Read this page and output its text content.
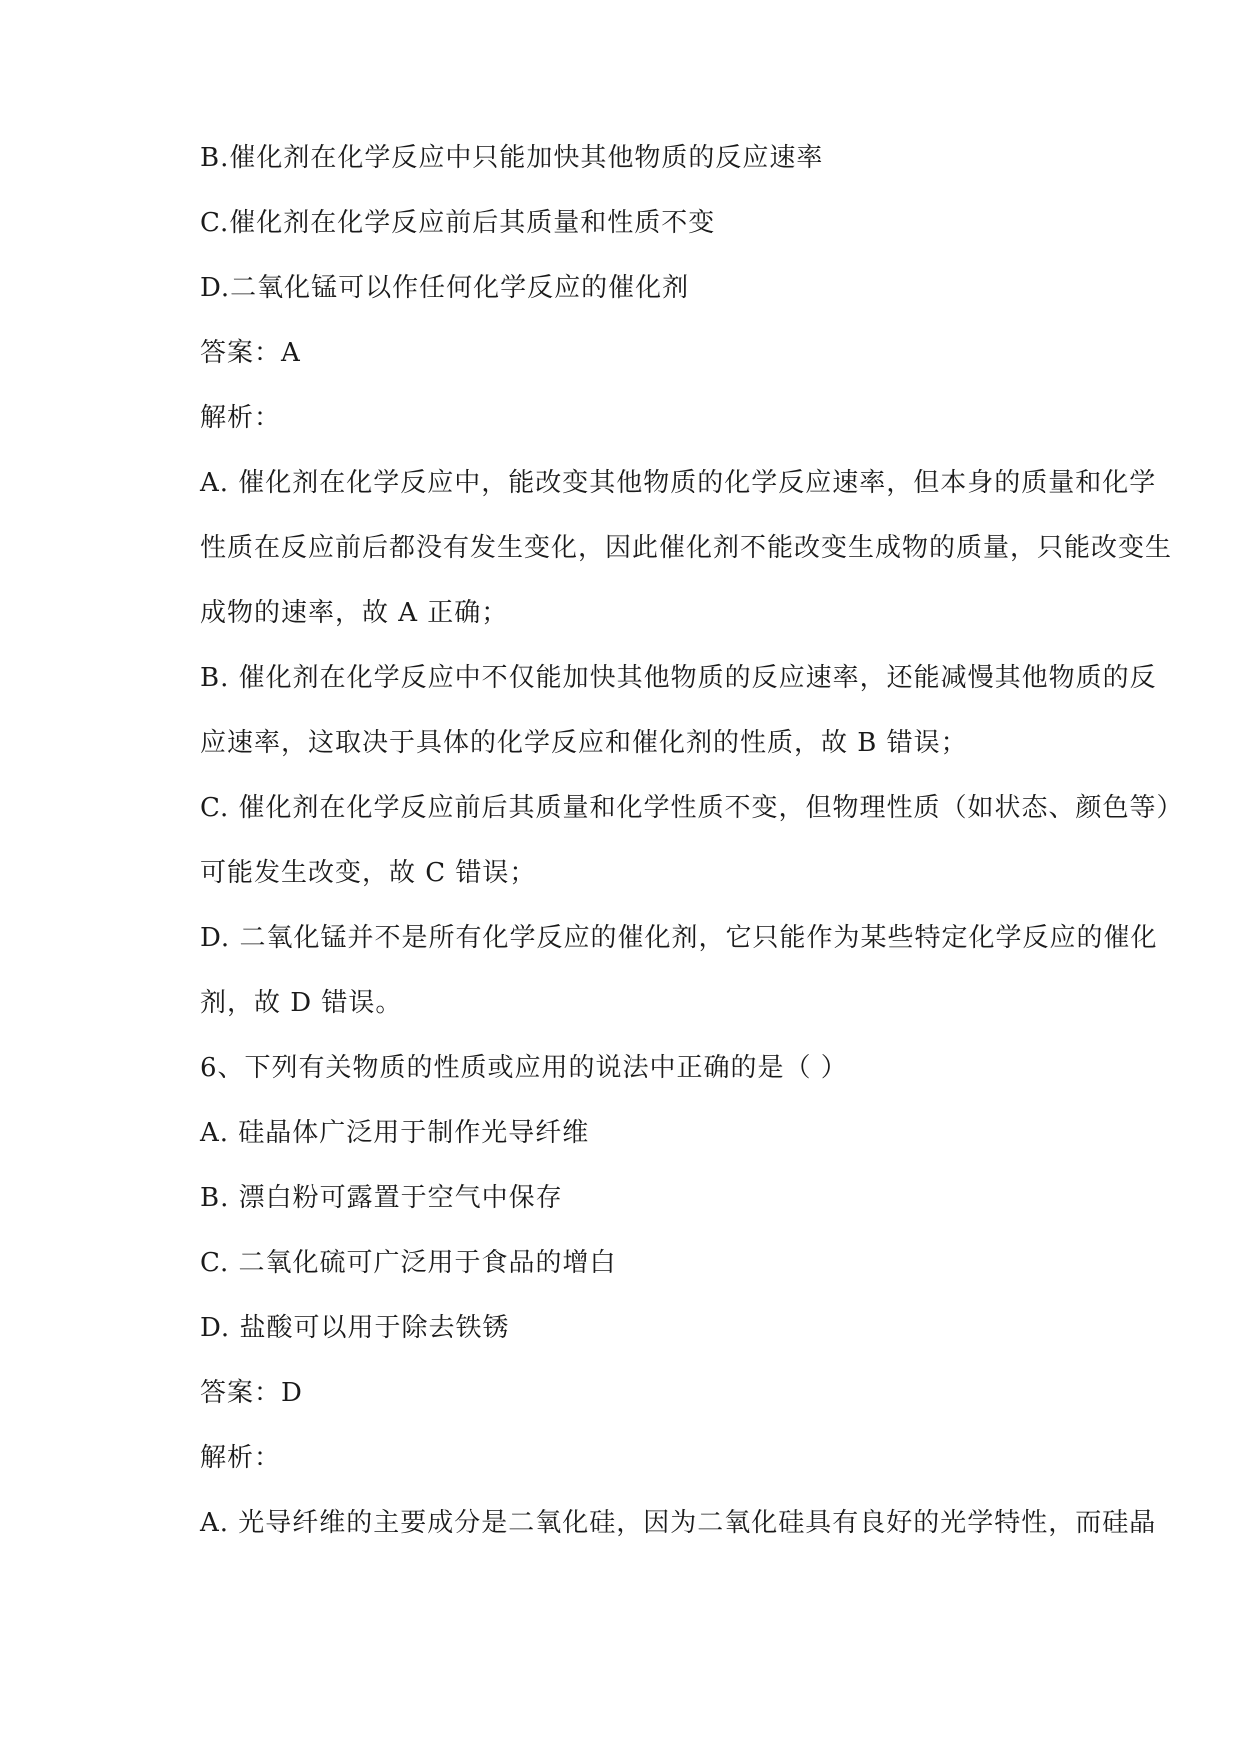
B.催化剂在化学反应中只能加快其他物质的反应速率
C.催化剂在化学反应前后其质量和性质不变
D.二氧化锰可以作任何化学反应的催化剂
答案：A
解析：
A. 催化剂在化学反应中，能改变其他物质的化学反应速率，但本身的质量和化学
性质在反应前后都没有发生变化，因此催化剂不能改变生成物的质量，只能改变生
成物的速率，故 A 正确；
B. 催化剂在化学反应中不仅能加快其他物质的反应速率，还能减慢其他物质的反
应速率，这取决于具体的化学反应和催化剂的性质，故 B 错误；
C. 催化剂在化学反应前后其质量和化学性质不变，但物理性质（如状态、颜色等）
可能发生改变，故 C 错误；
D. 二氧化锰并不是所有化学反应的催化剂，它只能作为某些特定化学反应的催化
剂，故 D 错误。
6、下列有关物质的性质或应用的说法中正确的是（ ）
A. 硅晶体广泛用于制作光导纤维
B. 漂白粉可露置于空气中保存
C. 二氧化硫可广泛用于食品的增白
D. 盐酸可以用于除去铁锈
答案：D
解析：
A. 光导纤维的主要成分是二氧化硅，因为二氧化硅具有良好的光学特性，而硅晶
